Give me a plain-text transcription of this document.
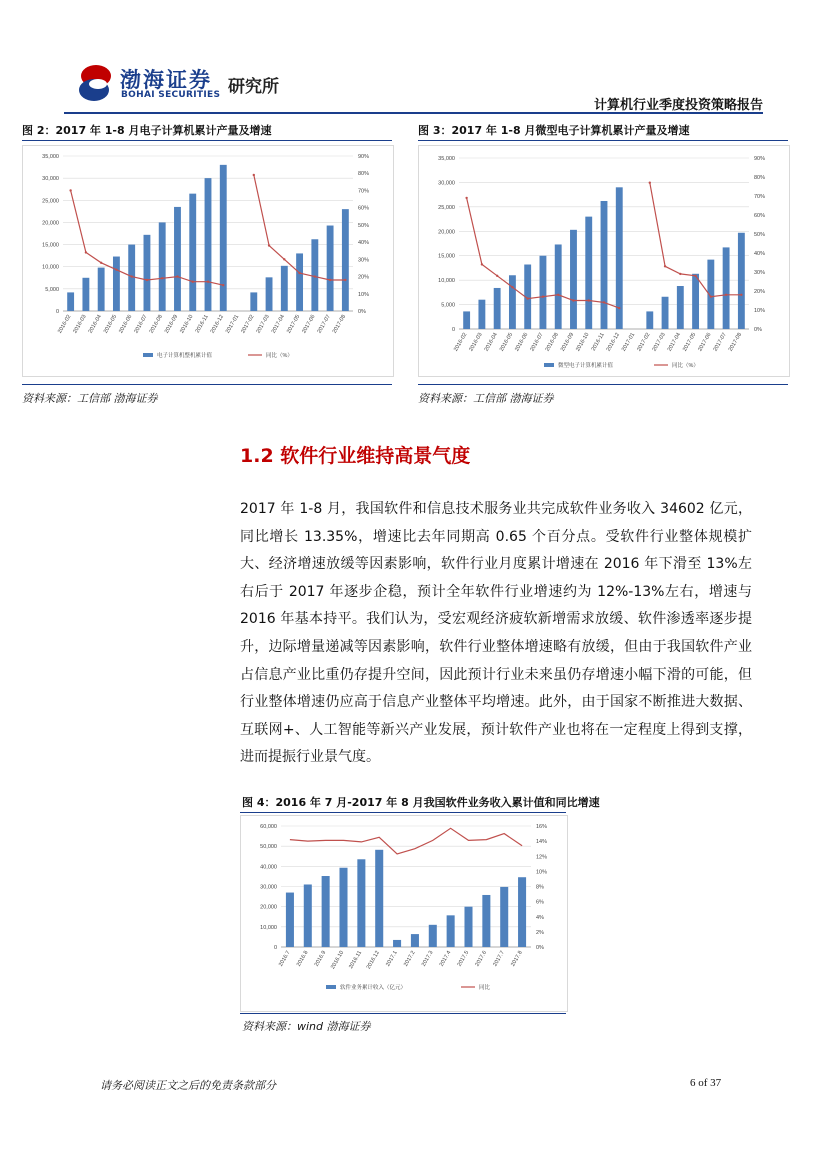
渤海证券
BOHAI SECURITIES 研究所
计算机行业季度投资策略报告
图 2：2017 年 1-8 月电子计算机累计产量及增速	图 3：2017 年 1-8 月微型电子计算机累计产量及增速
0
5,000
10,000
15,000
20,000
25,000
30,000
35,000
0%
10%
20%
30%
40%
50%
60%
70%
80%
90%
2016-02 2016-03 2016-04 2016-05 2016-06 2016-07 2016-08 2016-09 2016-10 2016-11 2016-12 2017-01 2017-02 2017-03 2017-04 2017-05 2017-06 2017-07 2017-08
电子计算机整机累计值	同比（%）
0
5,000
10,000
15,000
20,000
25,000
30,000
35,000
0%
10%
20%
30%
40%
50%
60%
70%
80%
90%
2016-02 2016-03 2016-04 2016-05 2016-06 2016-07 2016-08 2016-09 2016-10 2016-11 2016-12 2017-01 2017-02 2017-03 2017-04 2017-05 2017-06 2017-07 2017-08
微型电子计算机累计值	同比（%）
资料来源：工信部 渤海证券	资料来源：工信部 渤海证券
1.2 软件行业维持高景气度
2017 年 1-8 月，我国软件和信息技术服务业共完成软件业务收入 34602 亿元，同比增长 13.35%，增速比去年同期高 0.65 个百分点。受软件行业整体规模扩大、经济增速放缓等因素影响，软件行业月度累计增速在 2016 年下滑至 13%左右后于 2017 年逐步企稳，预计全年软件行业增速约为 12%-13%左右，增速与 2016 年基本持平。我们认为，受宏观经济疲软新增需求放缓、软件渗透率逐步提升，边际增量递减等因素影响，软件行业整体增速略有放缓，但由于我国软件产业占信息产业比重仍存提升空间，因此预计行业未来虽仍存增速小幅下滑的可能，但行业整体增速仍应高于信息产业整体平均增速。此外，由于国家不断推进大数据、互联网+、人工智能等新兴产业发展，预计软件产业也将在一定程度上得到支撑，进而提振行业景气度。
图 4：2016 年 7 月-2017 年 8 月我国软件业务收入累计值和同比增速
0
10,000
20,000
30,000
40,000
50,000
60,000
0%
2%
4%
6%
8%
10%
12%
14%
16%
2016.7 2016.8 2016.9 2016.10 2016.11 2016.12 2017.1 2017.2 2017.3 2017.4 2017.5 2017.6 2017.7 2017.8
软件业务累计收入（亿元）	同比
资料来源：wind 渤海证券
请务必阅读正文之后的免责条款部分	6 of 37
